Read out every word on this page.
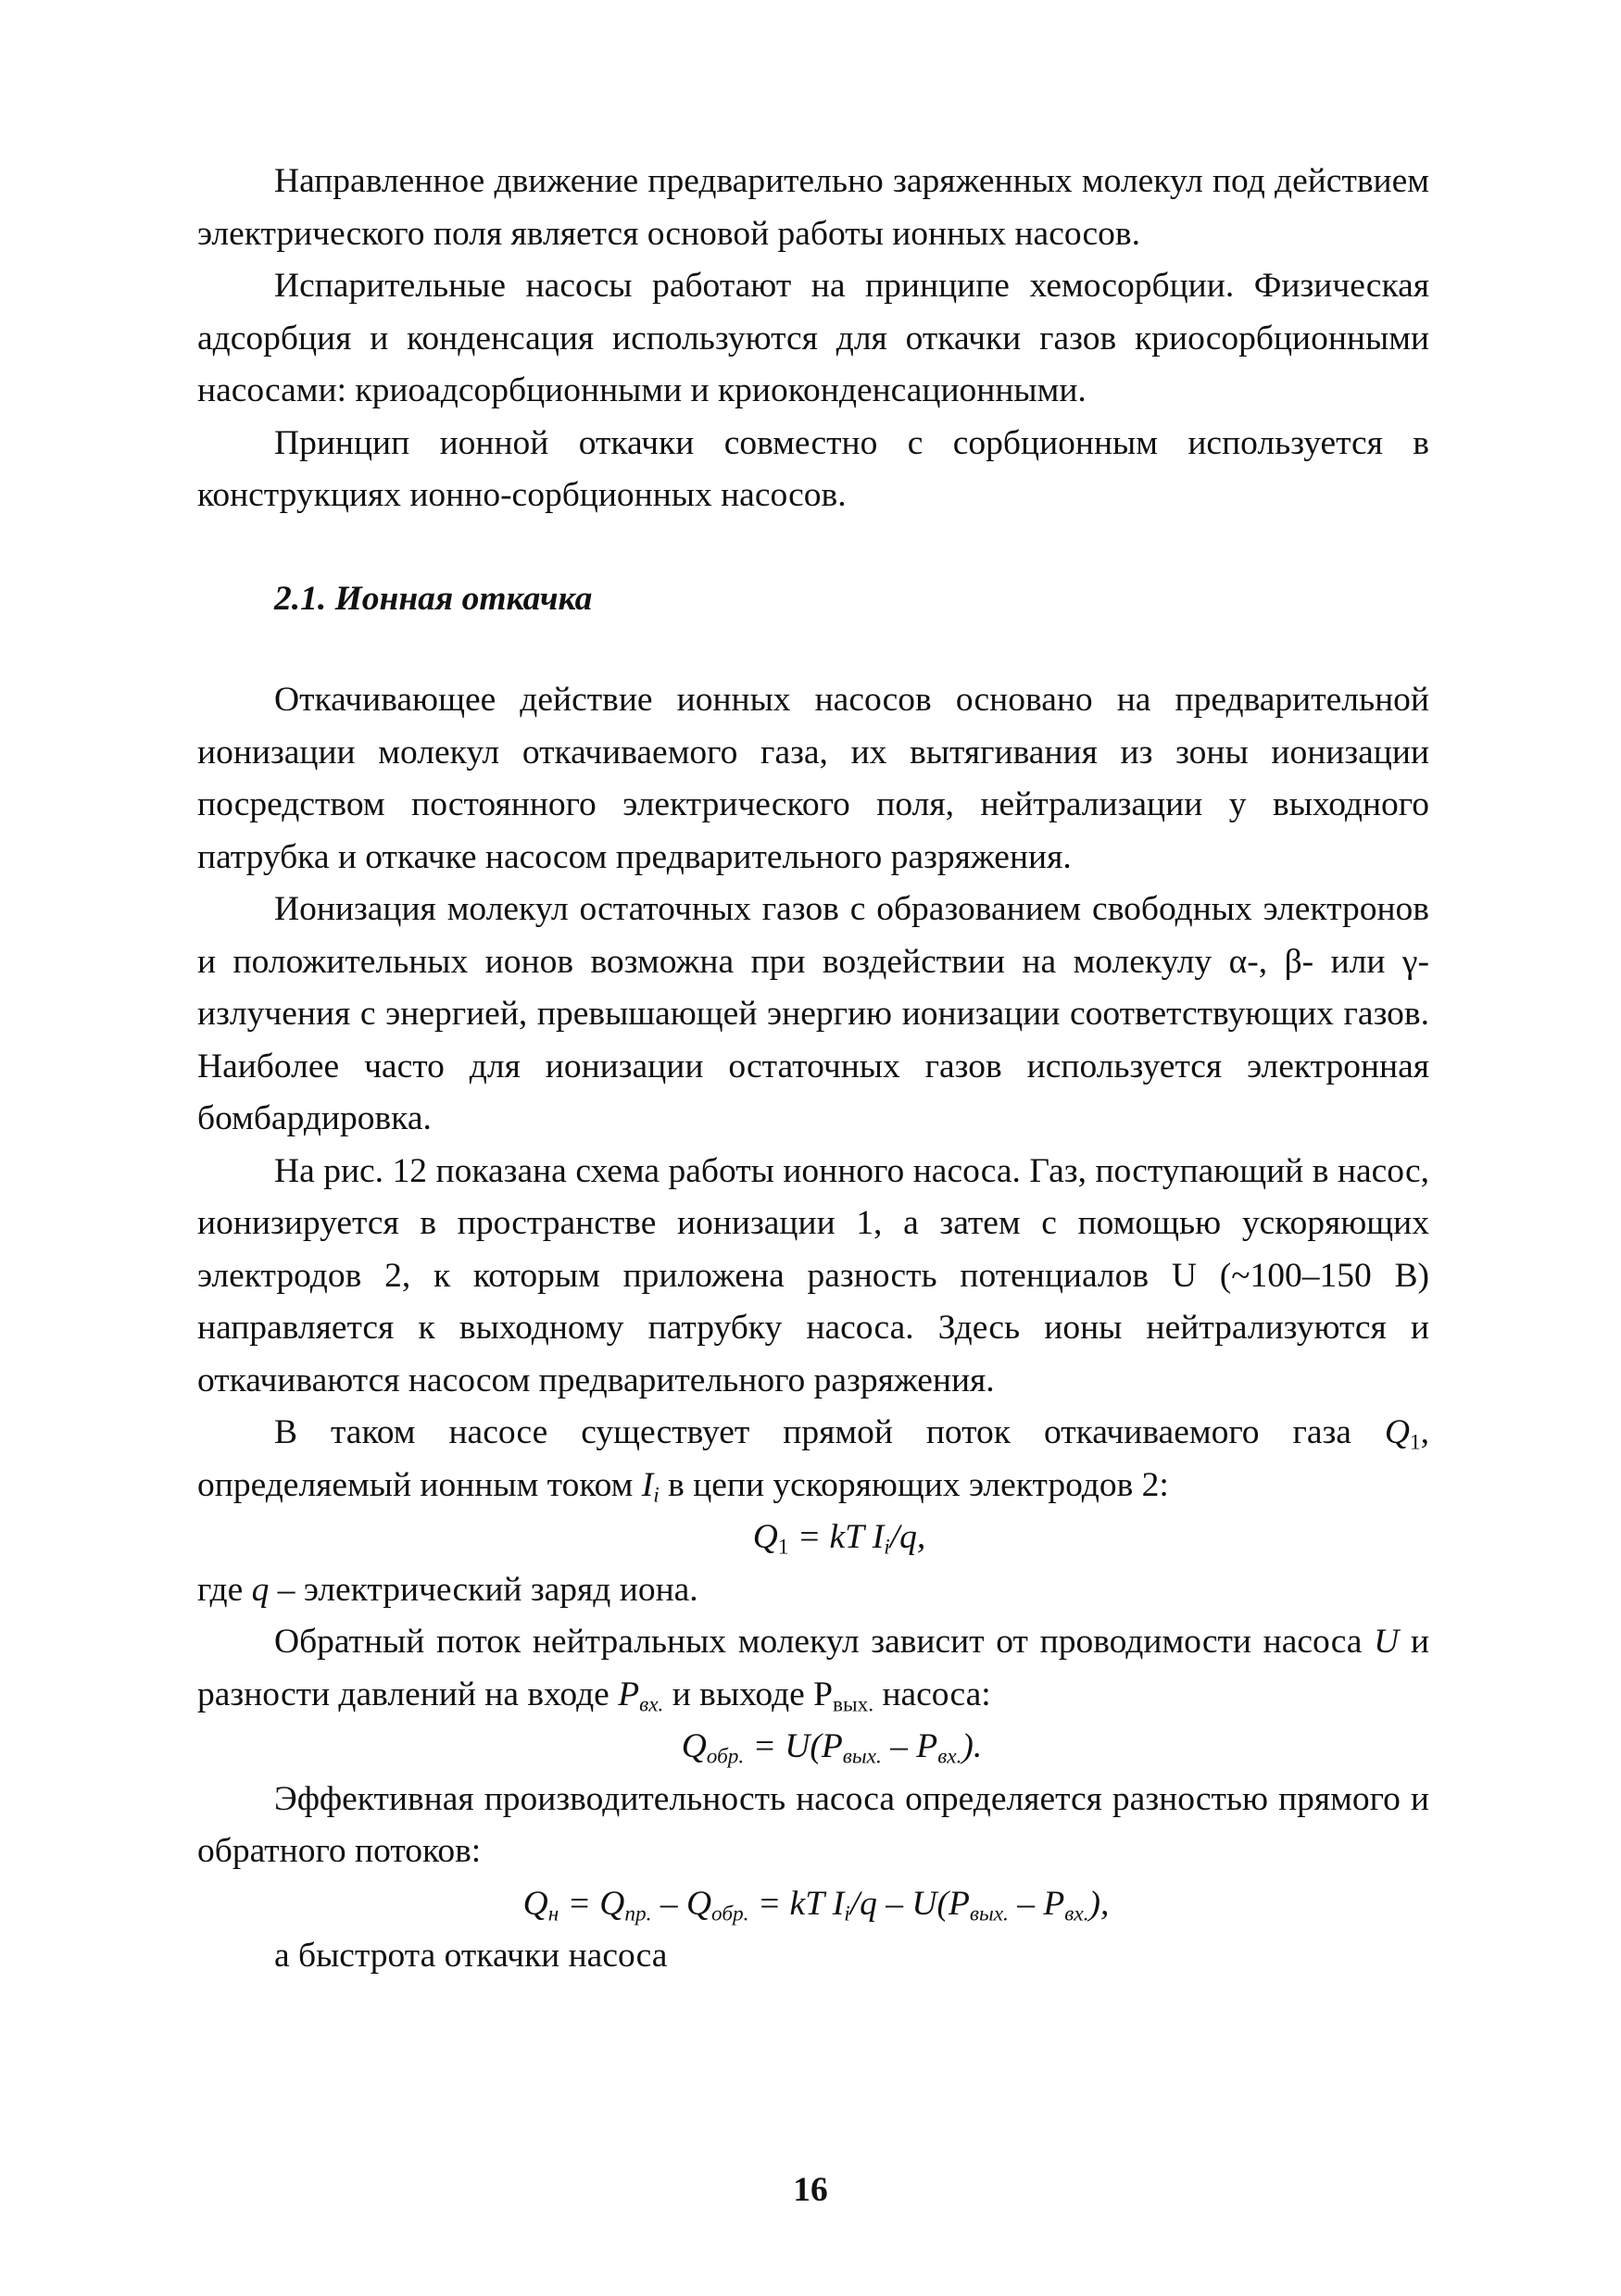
Направленное движение предварительно заряженных молекул под действием электрического поля является основой работы ионных насосов.

Испарительные насосы работают на принципе хемосорбции. Физическая адсорбция и конденсация используются для откачки газов криосорбционными насосами: криоадсорбционными и криоконденсационными.

Принцип ионной откачки совместно с сорбционным используется в конструкциях ионно-сорбционных насосов.

2.1. Ионная откачка

Откачивающее действие ионных насосов основано на предварительной ионизации молекул откачиваемого газа, их вытягивания из зоны ионизации посредством постоянного электрического поля, нейтрализации у выходного патрубка и откачке насосом предварительного разряжения.

Ионизация молекул остаточных газов с образованием свободных электронов и положительных ионов возможна при воздействии на молекулу α-, β- или γ-излучения с энергией, превышающей энергию ионизации соответствующих газов. Наиболее часто для ионизации остаточных газов используется электронная бомбардировка.

На рис. 12 показана схема работы ионного насоса. Газ, поступающий в насос, ионизируется в пространстве ионизации 1, а затем с помощью ускоряющих электродов 2, к которым приложена разность потенциалов U (~100–150 В) направляется к выходному патрубку насоса. Здесь ионы нейтрализуются и откачиваются насосом предварительного разряжения.

В таком насосе существует прямой поток откачиваемого газа $Q_1$, определяемый ионным током $I_i$ в цепи ускоряющих электродов 2:

$Q_1$ = kT $I_i/q$,

где q – электрический заряд иона.

Обратный поток нейтральных молекул зависит от проводимости насоса U и разности давлений на входе $P_{вх.}$ и выходе $Р_{вых.}$ насоса:

$Q_{обр.} = U(P_{вых.} - P_{вх.})$.

Эффективная производительность насоса определяется разностью прямого и обратного потоков:

$Q_н = Q_{пр.} - Q_{обр.}$ = kT $I_i/q - U(P_{вых.} - P_{вх.})$,

а быстрота откачки насоса

16
